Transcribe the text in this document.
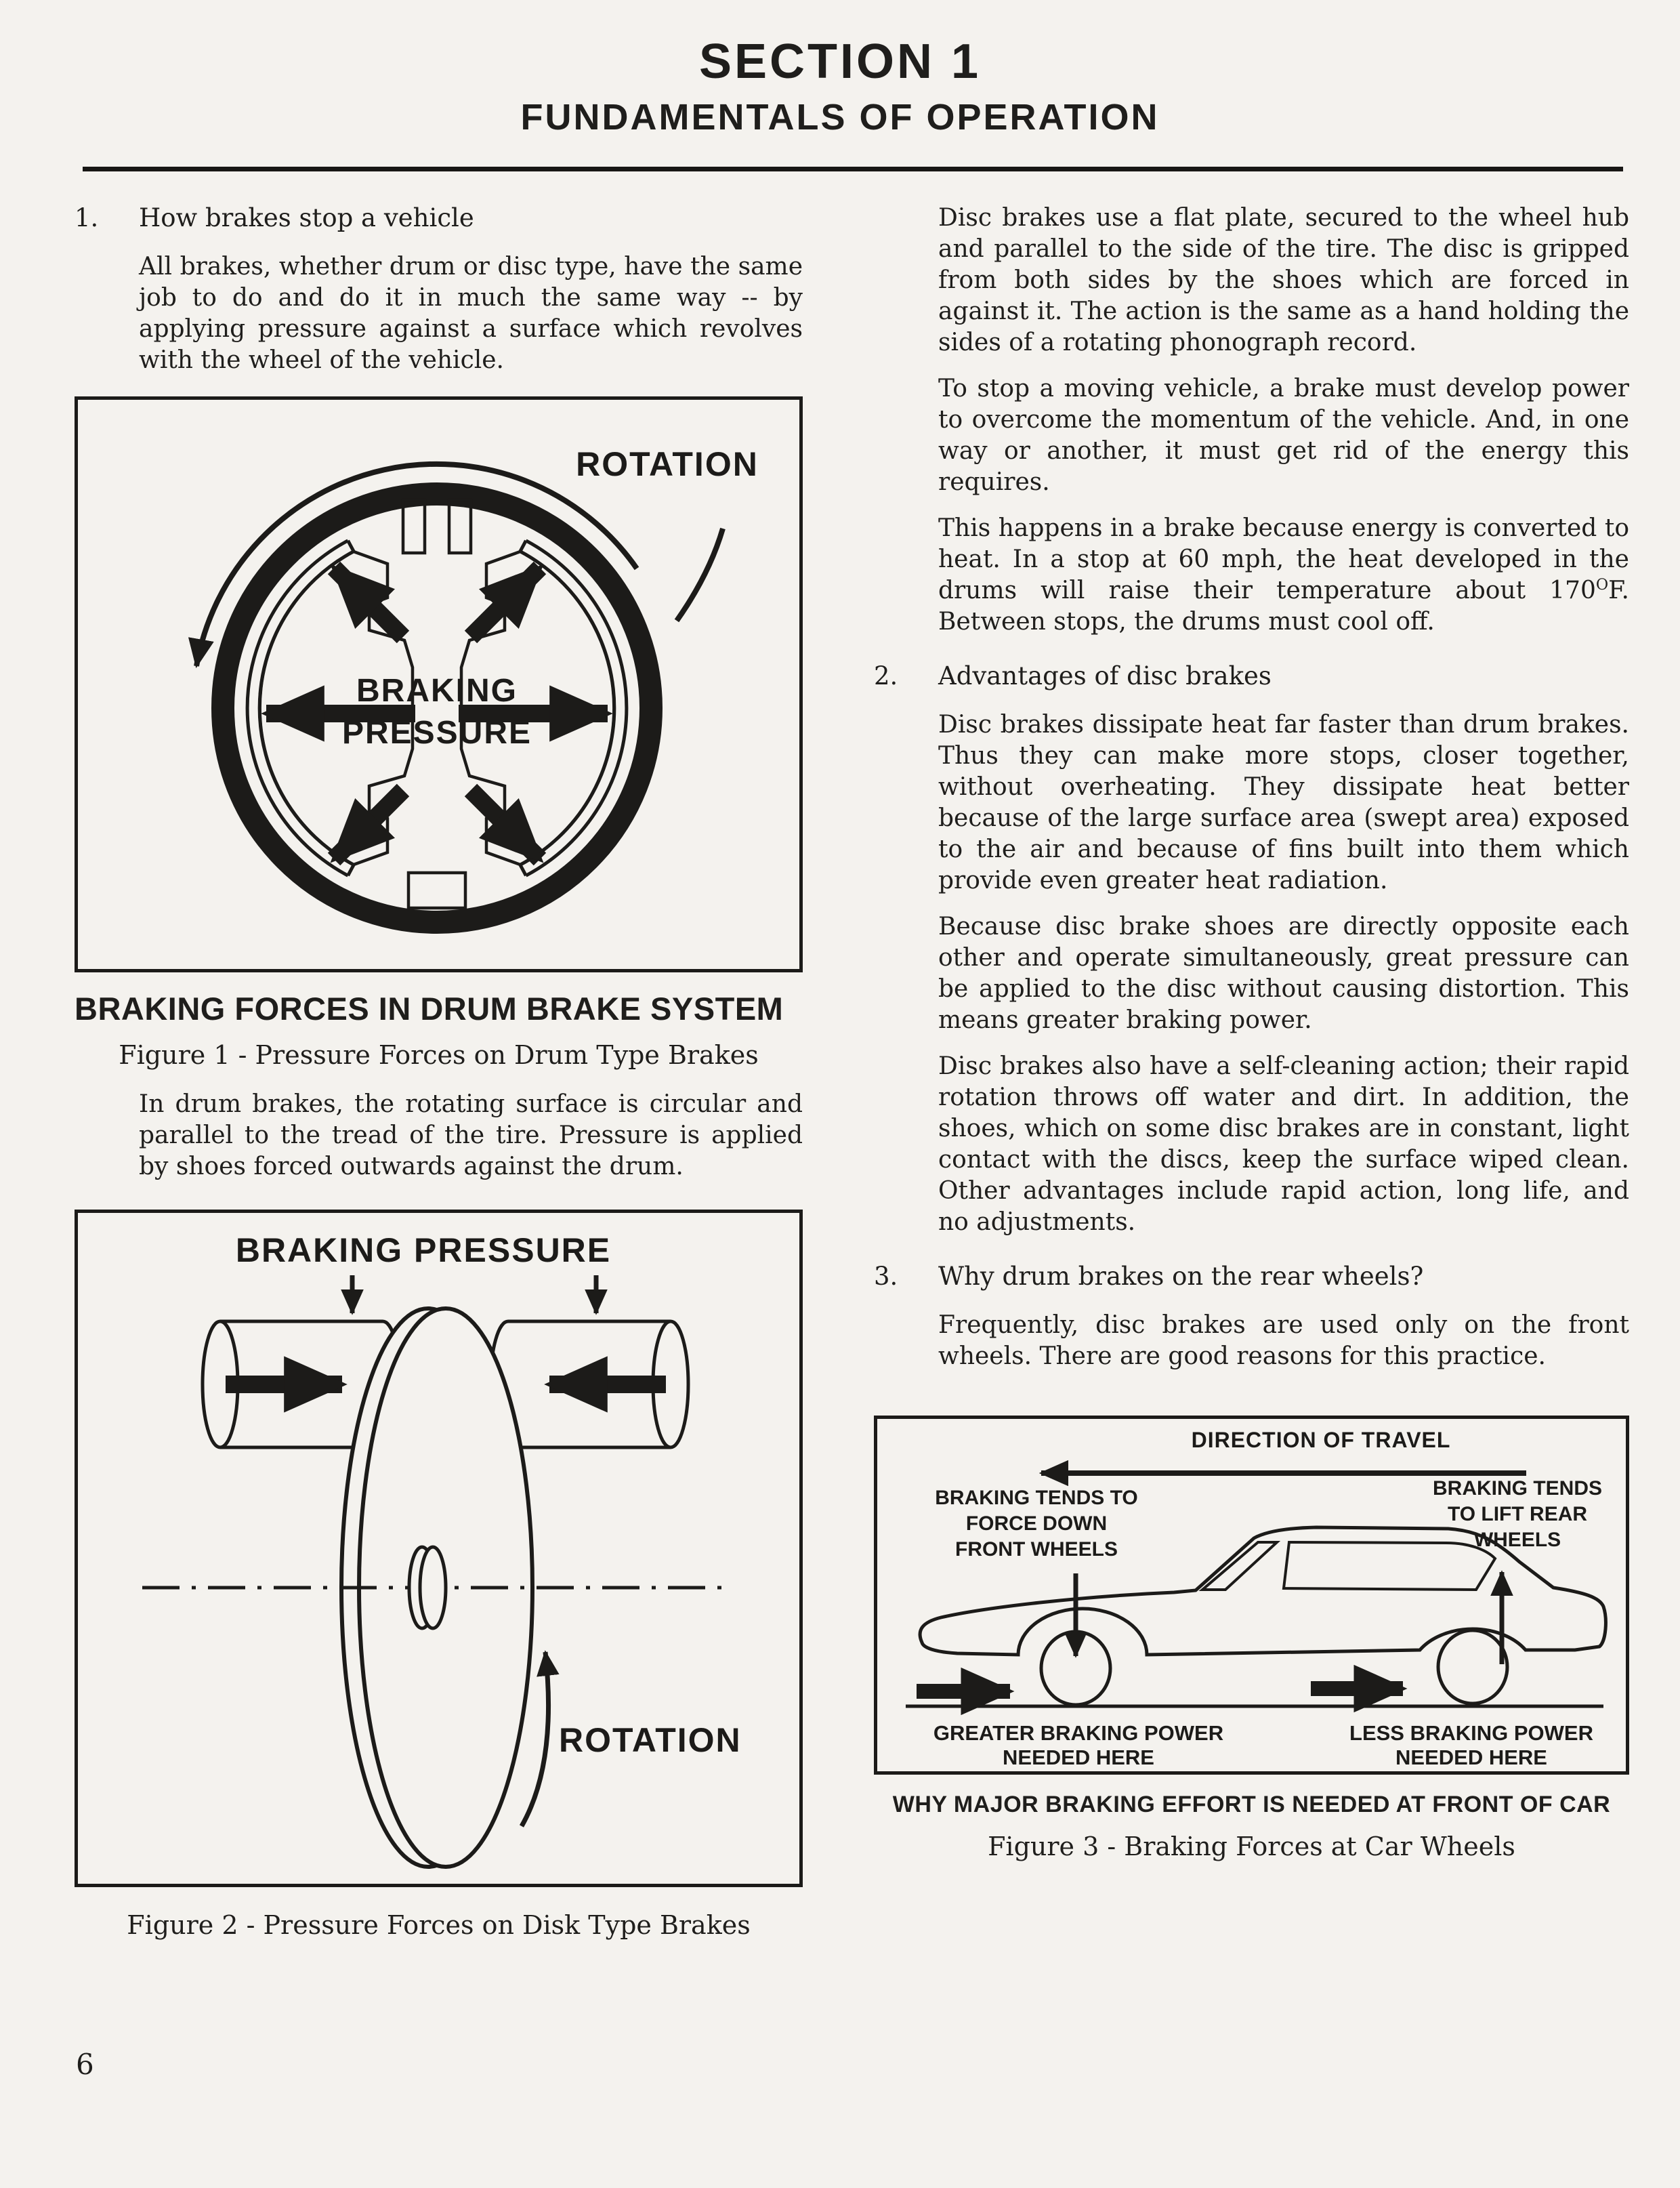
SECTION 1
FUNDAMENTALS OF OPERATION
1.	How brakes stop a vehicle

All brakes, whether drum or disc type, have the same job to do and do it in much the same way -- by applying pressure against a surface which revolves with the wheel of the vehicle.

ROTATION
BRAKING
PRESSURE
BRAKING FORCES IN DRUM BRAKE SYSTEM
Figure 1 - Pressure Forces on Drum Type Brakes

In drum brakes, the rotating surface is circular and parallel to the tread of the tire. Pressure is applied by shoes forced outwards against the drum.

BRAKING PRESSURE
ROTATION
Figure 2 - Pressure Forces on Disk Type Brakes

Disc brakes use a flat plate, secured to the wheel hub and parallel to the side of the tire. The disc is gripped from both sides by the shoes which are forced in against it. The action is the same as a hand holding the sides of a rotating phonograph record.

To stop a moving vehicle, a brake must develop power to overcome the momentum of the vehicle. And, in one way or another, it must get rid of the energy this requires.

This happens in a brake because energy is converted to heat. In a stop at 60 mph, the heat developed in the drums will raise their temperature about $170^OF$. Between stops, the drums must cool off.

2.	Advantages of disc brakes

Disc brakes dissipate heat far faster than drum brakes. Thus they can make more stops, closer together, without overheating. They dissipate heat better because of the large surface area (swept area) exposed to the air and because of fins built into them which provide even greater heat radiation.

Because disc brake shoes are directly opposite each other and operate simultaneously, great pressure can be applied to the disc without causing distortion. This means greater braking power.

Disc brakes also have a self-cleaning action; their rapid rotation throws off water and dirt. In addition, the shoes, which on some disc brakes are in constant, light contact with the discs, keep the surface wiped clean. Other advantages include rapid action, long life, and no adjustments.

3.	Why drum brakes on the rear wheels?

Frequently, disc brakes are used only on the front wheels. There are good reasons for this practice.

DIRECTION OF TRAVEL
BRAKING TENDS TO
FORCE DOWN
FRONT WHEELS
BRAKING TENDS
TO LIFT REAR
WHEELS
GREATER BRAKING POWER
NEEDED HERE
LESS BRAKING POWER
NEEDED HERE
WHY MAJOR BRAKING EFFORT IS NEEDED AT FRONT OF CAR
Figure 3 - Braking Forces at Car Wheels
6
